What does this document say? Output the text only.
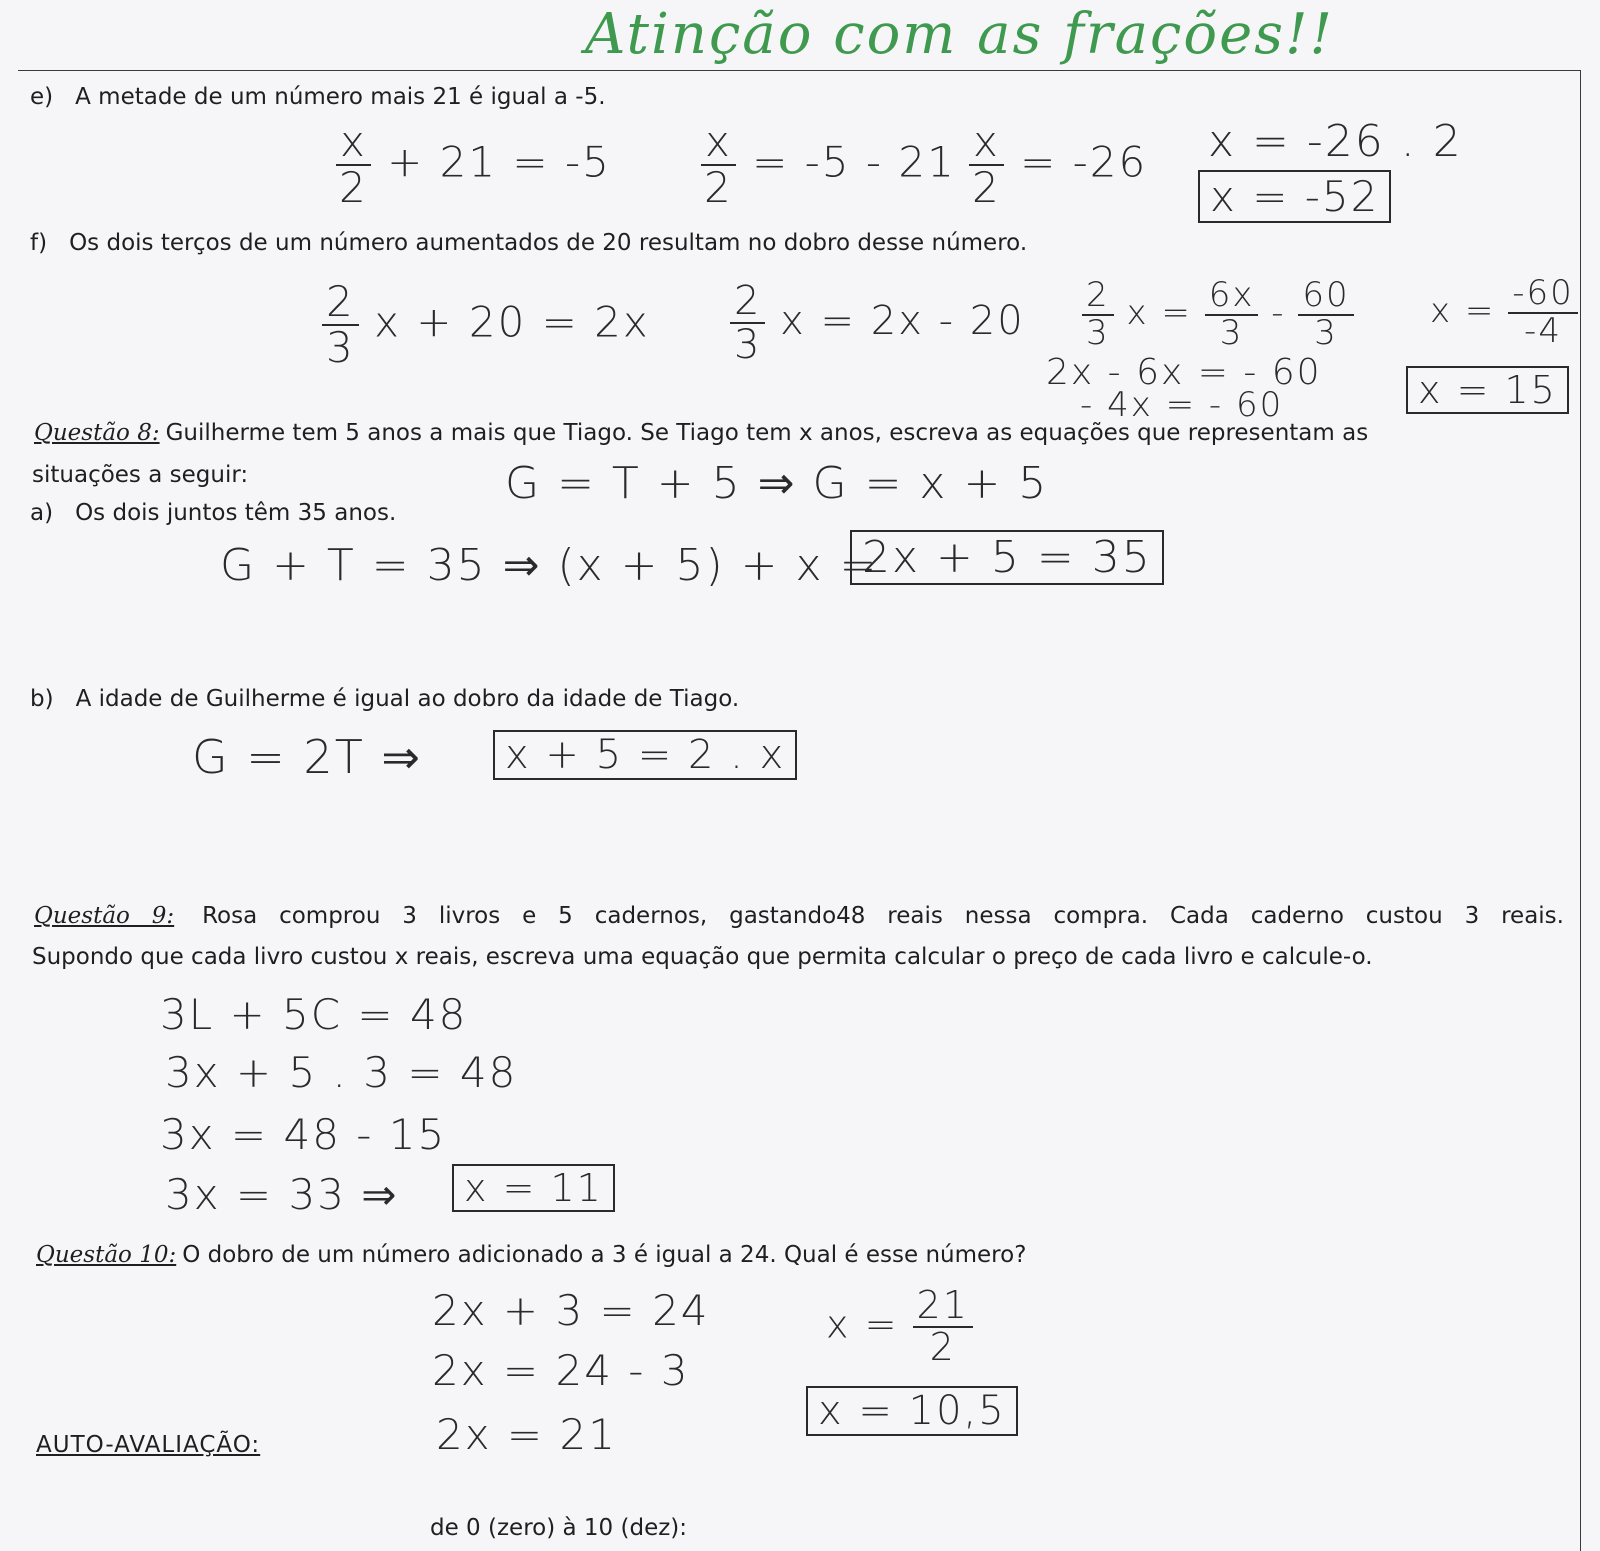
Atinção com as frações!!
e) A metade de um número mais 21 é igual a -5.
$\frac{x}{2} + 21 = -5 \frac{x}{2} = -5 - 21 \frac{x}{2} = -26$ x = -26 . 2
x = -52
f) Os dois terços de um número aumentados de 20 resultam no dobro desse número.
$\frac{2}{3}$ $x + 20 = 2x \frac{2}{3}$ $x = 2x - 20 \frac{2}{3}$ $x = \frac{6x}{3} - \frac{60}{3}$ $x = \frac{-60}{-4}$
2x - 6x = - 60
- 4x = - 60	x = 15
Questão 8: Guilherme tem 5 anos a mais que Tiago. Se Tiago tem x anos, escreva as equações que representam as
situações a seguir:	G = T + 5 ⇒ G = x + 5
a) Os dois juntos têm 35 anos.
G + T = 35 ⇒ (x + 5) + x =
2x + 5 = 35
b) A idade de Guilherme é igual ao dobro da idade de Tiago.
G = 2T ⇒	x + 5 = 2 . x
Questão 9: Rosa comprou 3 livros e 5 cadernos, gastando48 reais nessa compra. Cada caderno custou 3 reais.
Supondo que cada livro custou x reais, escreva uma equação que permita calcular o preço de cada livro e calcule-o.
3L + 5C = 48
3x + 5 . 3 = 48
3x = 48 - 15
3x = 33 ⇒	x = 11
Questão 10: O dobro de um número adicionado a 3 é igual a 24. Qual é esse número?
2x + 3 = 24
2x = 24 - 3
2x = 21
$x = \frac{21}{2}$
x = 10,5
AUTO-AVALIAÇÃO:
de 0 (zero) à 10 (dez):
